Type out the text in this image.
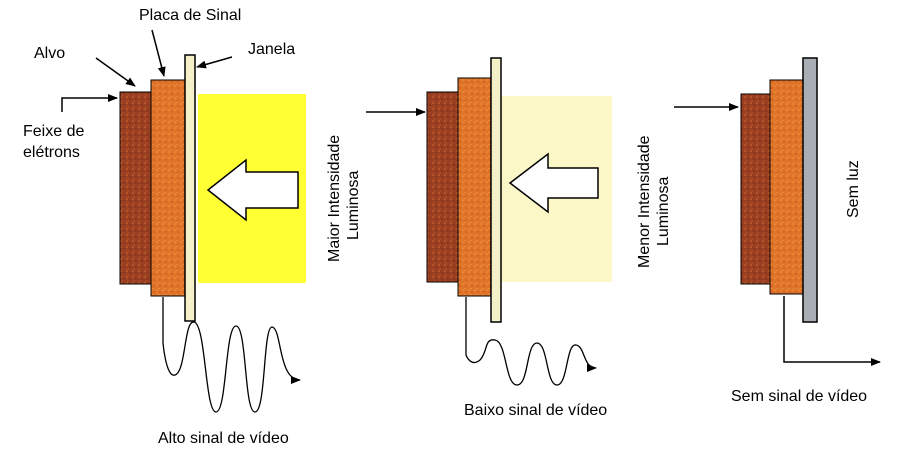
Placa de Sinal
Alvo	Janela
Feixe de
elétrons	Maior Intensidade Luminosa
Alto sinal de vídeo
Menor Intensidade Luminosa
Baixo sinal de vídeo
Sem luz
Sem sinal de vídeo
